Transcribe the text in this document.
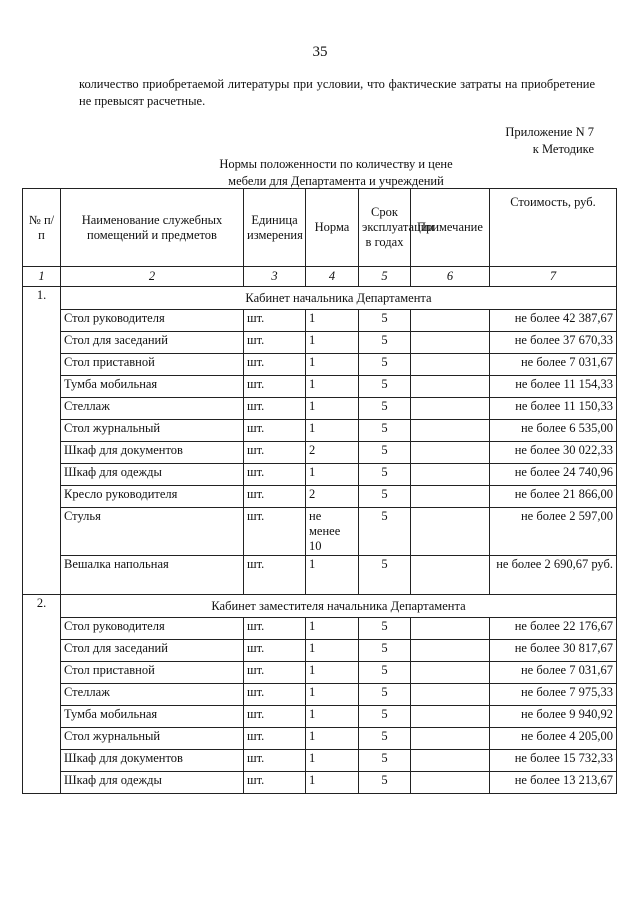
35
количество приобретаемой литературы при условии, что фактические затраты на приобретение не превысят расчетные.
Приложение N 7
к Методике
Нормы положенности по количеству и цене
мебели для Департамента и учреждений
№ п/п	Наименование служебных помещений и предметов	Единица измерения	Норма	Срок эксплуатации в годах	Примечание	Стоимость, руб.
1	2	3	4	5	6	7
1.	Кабинет начальника Департамента					
	Стол руководителя	шт.	1	5		не более 42 387,67
	Стол для заседаний	шт.	1	5		не более 37 670,33
	Стол приставной	шт.	1	5		не более 7 031,67
	Тумба мобильная	шт.	1	5		не более 11 154,33
	Стеллаж	шт.	1	5		не более 11 150,33
	Стол журнальный	шт.	1	5		не более 6 535,00
	Шкаф для документов	шт.	2	5		не более 30 022,33
	Шкаф для одежды	шт.	1	5		не более 24 740,96
	Кресло руководителя	шт.	2	5		не более 21 866,00
	Стулья	шт.	не менее 10	5		не более 2 597,00
	Вешалка напольная	шт.	1	5		не более 2 690,67 руб.
2.	Кабинет заместителя начальника Департамента					
	Стол руководителя	шт.	1	5		не более 22 176,67
	Стол для заседаний	шт.	1	5		не более 30 817,67
	Стол приставной	шт.	1	5		не более 7 031,67
	Стеллаж	шт.	1	5		не более 7 975,33
	Тумба мобильная	шт.	1	5		не более 9 940,92
	Стол журнальный	шт.	1	5		не более 4 205,00
	Шкаф для документов	шт.	1	5		не более 15 732,33
	Шкаф для одежды	шт.	1	5		не более 13 213,67
